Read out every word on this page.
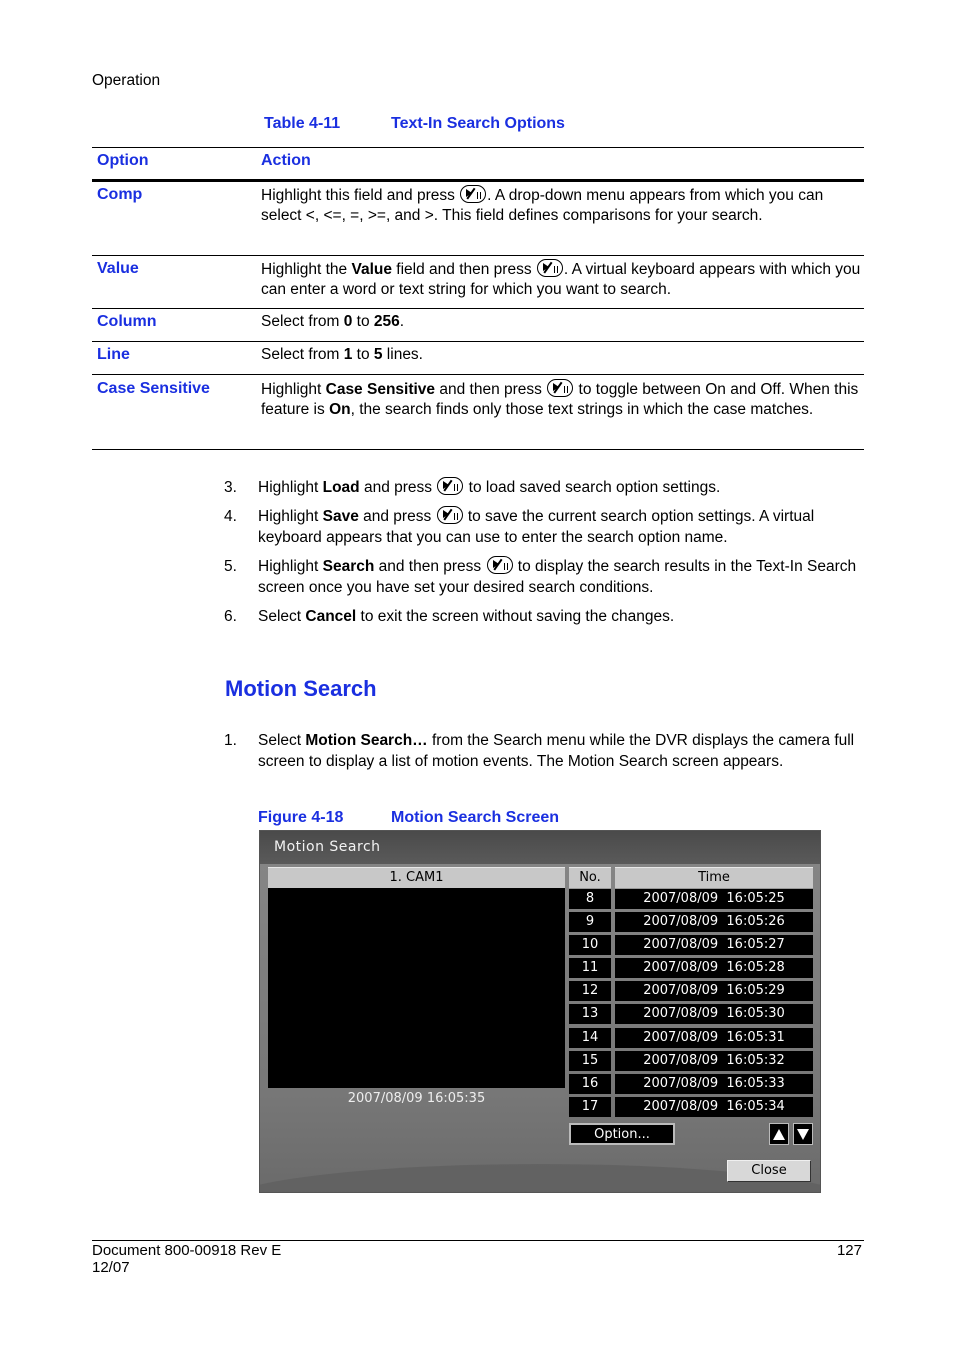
Operation
Table 4-11	Text-In Search Options
Option	Action
Comp	Highlight this field and press
. A drop-down menu appears from which you can select <, <=, =, >=, and >. This field defines comparisons for your search.
Value	Highlight the Value field and then press
. A virtual keyboard appears with which you can enter a word or text string for which you want to search.
Column	Select from 0 to 256.
Line	Select from 1 to 5 lines.
Case Sensitive	Highlight Case Sensitive and then press
to toggle between On and Off. When this feature is On, the search finds only those text strings in which the case matches.
3. Highlight Load and press
to load saved search option settings.
4. Highlight Save and press
to save the current search option settings. A virtual keyboard appears that you can use to enter the search option name.
5. Highlight Search and then press
to display the search results in the Text-In Search screen once you have set your desired search conditions.
6. Select Cancel to exit the screen without saving the changes.
Motion Search
1. Select Motion Search… from the Search menu while the DVR displays the camera full screen to display a list of motion events. The Motion Search screen appears.
Figure 4-18	Motion Search Screen
Motion Search
1. CAM1
2007/08/09 16:05:35
No.	Time
8	2007/08/09  16:05:25
9	2007/08/09  16:05:26
10	2007/08/09  16:05:27
11	2007/08/09  16:05:28
12	2007/08/09  16:05:29
13	2007/08/09  16:05:30
14	2007/08/09  16:05:31
15	2007/08/09  16:05:32
16	2007/08/09  16:05:33
17	2007/08/09  16:05:34
Option...
Close
Document 800-00918 Rev E
12/07
127
